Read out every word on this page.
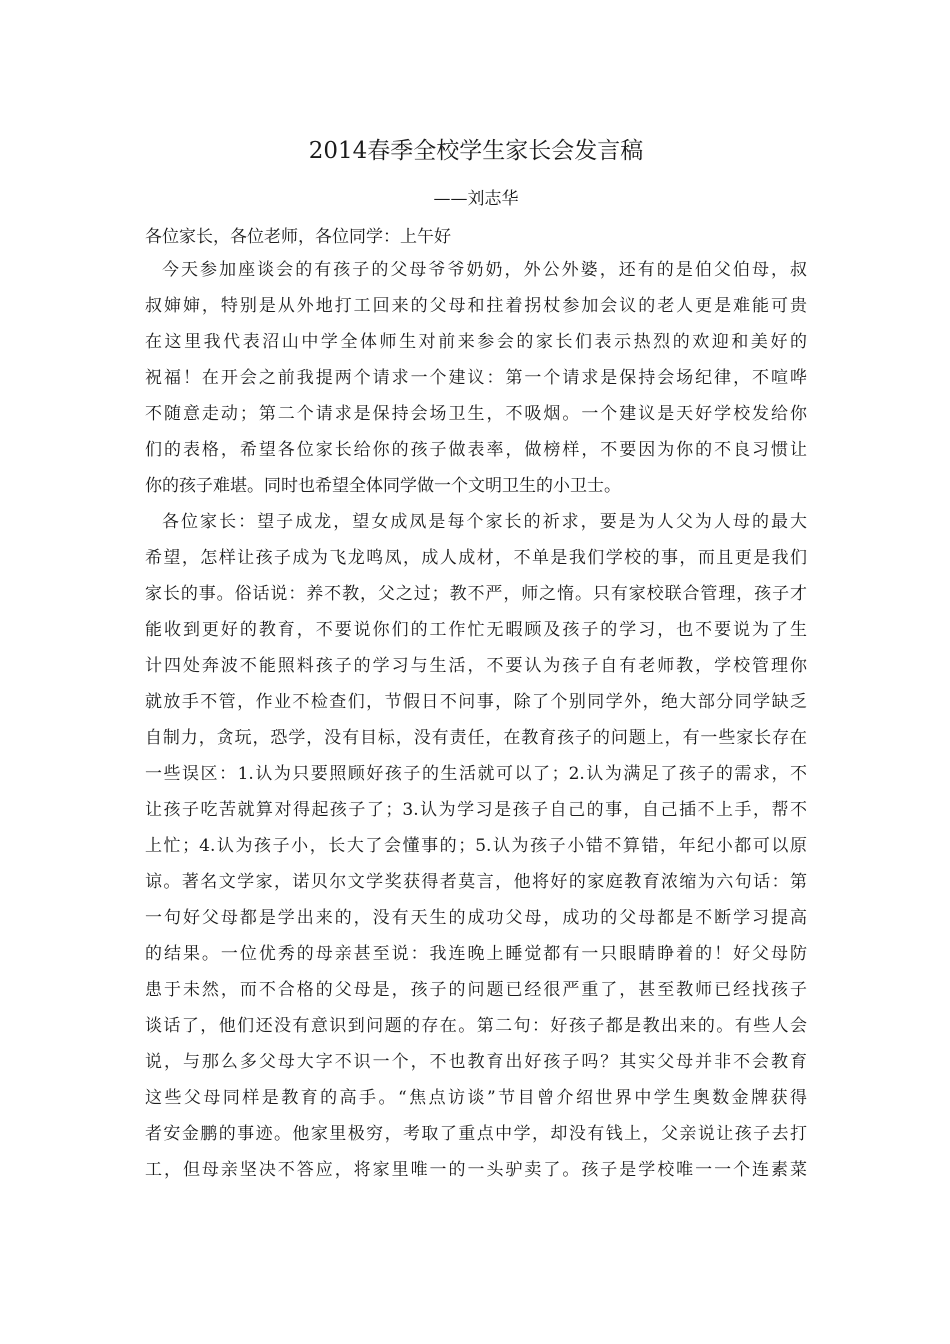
2014春季全校学生家长会发言稿
——刘志华
各位家长，各位老师，各位同学：上午好
今天参加座谈会的有孩子的父母爷爷奶奶，外公外婆，还有的是伯父伯母，叔
叔婶婶，特别是从外地打工回来的父母和拄着拐杖参加会议的老人更是难能可贵
在这里我代表沼山中学全体师生对前来参会的家长们表示热烈的欢迎和美好的
祝福！在开会之前我提两个请求一个建议：第一个请求是保持会场纪律，不喧哗
不随意走动；第二个请求是保持会场卫生，不吸烟。一个建议是天好学校发给你
们的表格，希望各位家长给你的孩子做表率，做榜样，不要因为你的不良习惯让
你的孩子难堪。同时也希望全体同学做一个文明卫生的小卫士。
各位家长：望子成龙，望女成凤是每个家长的祈求，要是为人父为人母的最大
希望，怎样让孩子成为飞龙鸣凤，成人成材，不单是我们学校的事，而且更是我们
家长的事。俗话说：养不教，父之过；教不严，师之惰。只有家校联合管理，孩子才
能收到更好的教育，不要说你们的工作忙无暇顾及孩子的学习，也不要说为了生
计四处奔波不能照料孩子的学习与生活，不要认为孩子自有老师教，学校管理你
就放手不管，作业不检查们，节假日不问事，除了个别同学外，绝大部分同学缺乏
自制力，贪玩，恐学，没有目标，没有责任，在教育孩子的问题上，有一些家长存在
一些误区：1.认为只要照顾好孩子的生活就可以了；2.认为满足了孩子的需求，不
让孩子吃苦就算对得起孩子了；3.认为学习是孩子自己的事，自己插不上手，帮不
上忙；4.认为孩子小，长大了会懂事的；5.认为孩子小错不算错，年纪小都可以原
谅。著名文学家，诺贝尔文学奖获得者莫言，他将好的家庭教育浓缩为六句话：第
一句好父母都是学出来的，没有天生的成功父母，成功的父母都是不断学习提高
的结果。一位优秀的母亲甚至说：我连晚上睡觉都有一只眼睛睁着的！好父母防
患于未然，而不合格的父母是，孩子的问题已经很严重了，甚至教师已经找孩子
谈话了，他们还没有意识到问题的存在。第二句：好孩子都是教出来的。有些人会
说，与那么多父母大字不识一个，不也教育出好孩子吗？其实父母并非不会教育
这些父母同样是教育的高手。“焦点访谈”节目曾介绍世界中学生奥数金牌获得
者安金鹏的事迹。他家里极穷，考取了重点中学，却没有钱上，父亲说让孩子去打
工，但母亲坚决不答应，将家里唯一的一头驴卖了。孩子是学校唯一一个连素菜
